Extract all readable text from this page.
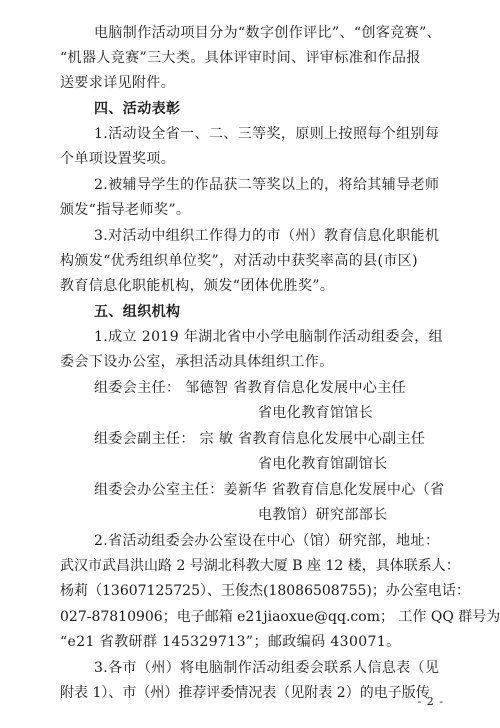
电脑制作活动项目分为“数字创作评比”、“创客竞赛”、
“机器人竞赛”三大类。具体评审时间、评审标准和作品报
送要求详见附件。
四、活动表彰
1.活动设全省一、二、三等奖，原则上按照每个组别每
个单项设置奖项。
2.被辅导学生的作品获二等奖以上的，将给其辅导老师
颁发“指导老师奖”。
3.对活动中组织工作得力的市（州）教育信息化职能机
构颁发“优秀组织单位奖”，对活动中获奖率高的县(市区)
教育信息化职能机构，颁发“团体优胜奖”。
五、组织机构
1.成立 2019 年湖北省中小学电脑制作活动组委会，组
委会下设办公室，承担活动具体组织工作。
组委会主任： 邹德智 省教育信息化发展中心主任
省电化教育馆馆长
组委会副主任： 宗 敏 省教育信息化发展中心副主任
省电化教育馆副馆长
组委会办公室主任：姜新华 省教育信息化发展中心（省
电教馆）研究部部长
2.省活动组委会办公室设在中心（馆）研究部，地址：
武汉市武昌洪山路 2 号湖北科教大厦 B 座 12 楼，具体联系人：
杨莉（13607125725）、王俊杰(18086508755)；办公室电话：
027-87810906；电子邮箱 e21jiaoxue@qq.com； 工作 QQ 群号为
“e21 省教研群 145329713”；邮政编码 430071。
3.各市（州）将电脑制作活动组委会联系人信息表（见
附表 1）、市（州）推荐评委情况表（见附表 2）的电子版传
- 2 -
